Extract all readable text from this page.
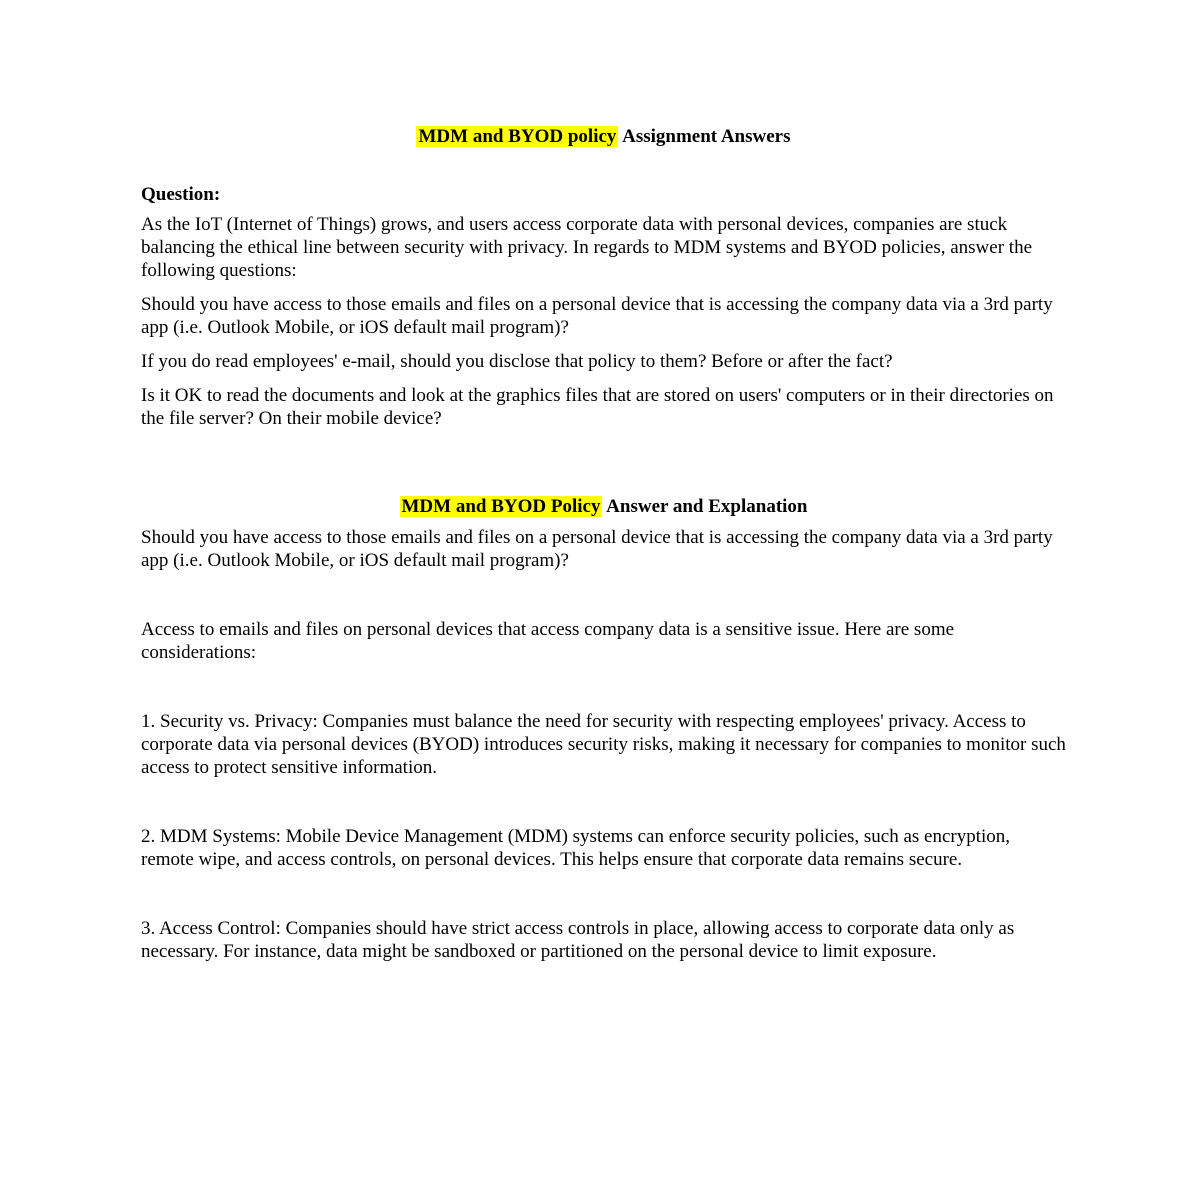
MDM and BYOD policy Assignment Answers

Question:

As the IoT (Internet of Things) grows, and users access corporate data with personal devices, companies are stuck balancing the ethical line between security with privacy. In regards to MDM systems and BYOD policies, answer the following questions:

Should you have access to those emails and files on a personal device that is accessing the company data via a 3rd party app (i.e. Outlook Mobile, or iOS default mail program)?

If you do read employees' e-mail, should you disclose that policy to them? Before or after the fact?

Is it OK to read the documents and look at the graphics files that are stored on users' computers or in their directories on the file server? On their mobile device?

MDM and BYOD Policy Answer and Explanation

Should you have access to those emails and files on a personal device that is accessing the company data via a 3rd party app (i.e. Outlook Mobile, or iOS default mail program)?

Access to emails and files on personal devices that access company data is a sensitive issue. Here are some considerations:

1. Security vs. Privacy: Companies must balance the need for security with respecting employees' privacy. Access to corporate data via personal devices (BYOD) introduces security risks, making it necessary for companies to monitor such access to protect sensitive information.

2. MDM Systems: Mobile Device Management (MDM) systems can enforce security policies, such as encryption, remote wipe, and access controls, on personal devices. This helps ensure that corporate data remains secure.

3. Access Control: Companies should have strict access controls in place, allowing access to corporate data only as necessary. For instance, data might be sandboxed or partitioned on the personal device to limit exposure.
